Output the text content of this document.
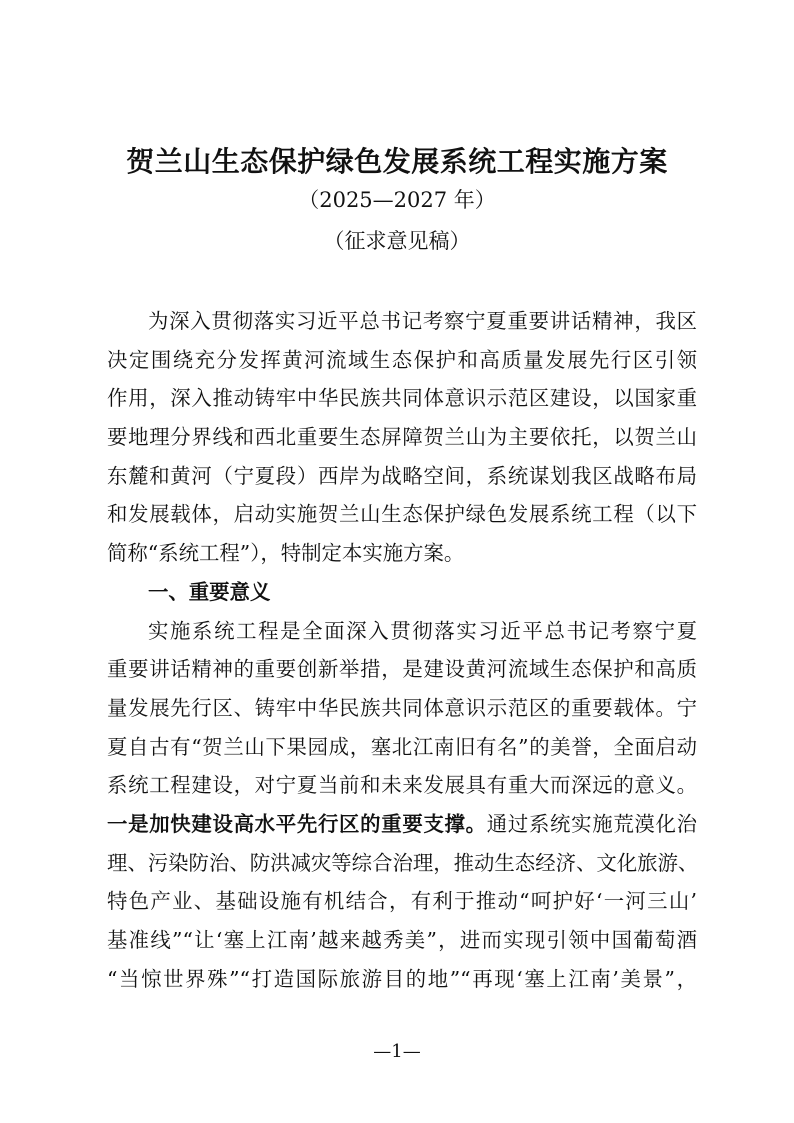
贺兰山生态保护绿色发展系统工程实施方案
（2025—2027 年）
（征求意见稿）
为深入贯彻落实习近平总书记考察宁夏重要讲话精神，我区
决定围绕充分发挥黄河流域生态保护和高质量发展先行区引领
作用，深入推动铸牢中华民族共同体意识示范区建设，以国家重
要地理分界线和西北重要生态屏障贺兰山为主要依托，以贺兰山
东麓和黄河（宁夏段）西岸为战略空间，系统谋划我区战略布局
和发展载体，启动实施贺兰山生态保护绿色发展系统工程（以下
简称“系统工程”），特制定本实施方案。
一、重要意义
实施系统工程是全面深入贯彻落实习近平总书记考察宁夏
重要讲话精神的重要创新举措，是建设黄河流域生态保护和高质
量发展先行区、铸牢中华民族共同体意识示范区的重要载体。宁
夏自古有“贺兰山下果园成，塞北江南旧有名”的美誉，全面启动
系统工程建设，对宁夏当前和未来发展具有重大而深远的意义。
一是加快建设高水平先行区的重要支撑。通过系统实施荒漠化治
理、污染防治、防洪减灾等综合治理，推动生态经济、文化旅游、
特色产业、基础设施有机结合，有利于推动“呵护好‘一河三山’
基准线”“让‘塞上江南’越来越秀美”，进而实现引领中国葡萄酒
“当惊世界殊”“打造国际旅游目的地”“再现‘塞上江南’美景”，
—1—
